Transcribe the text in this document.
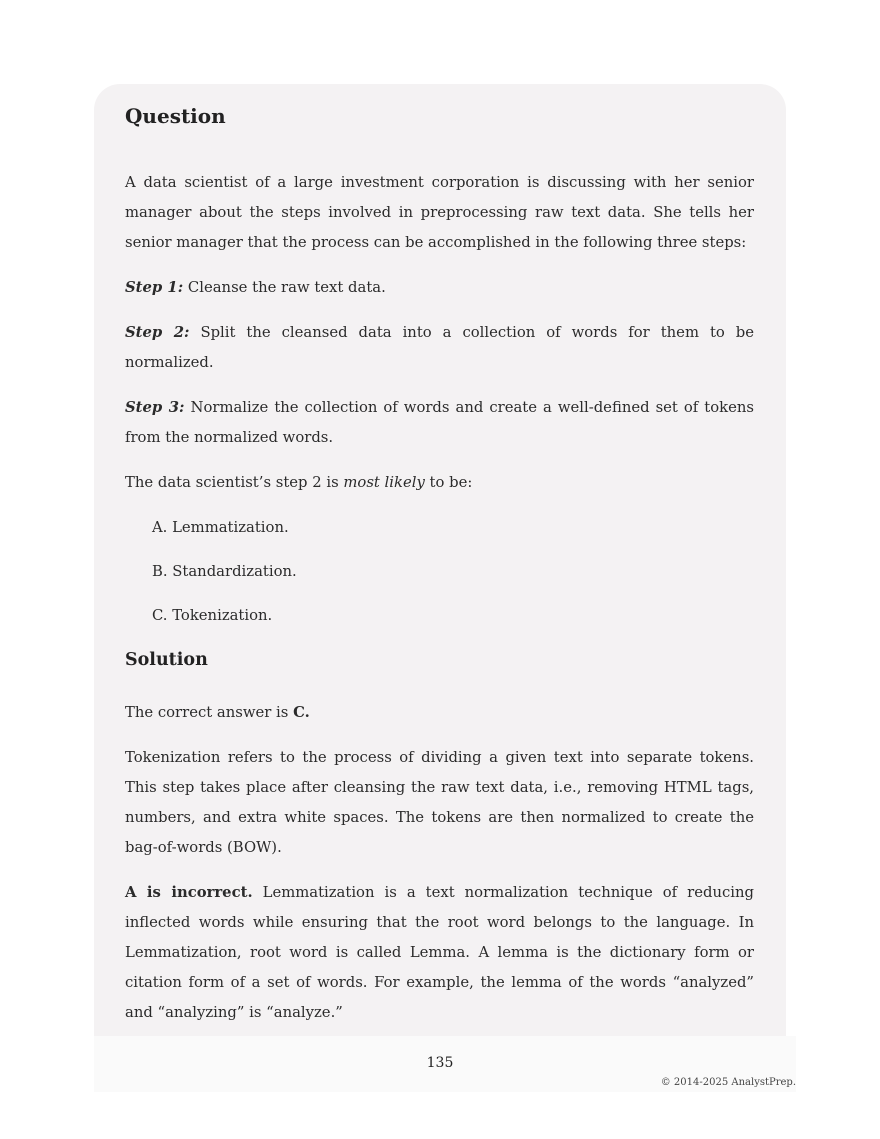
Question

A data scientist of a large investment corporation is discussing with her senior manager about the steps involved in preprocessing raw text data. She tells her senior manager that the process can be accomplished in the following three steps:

Step 1: Cleanse the raw text data.

Step 2: Split the cleansed data into a collection of words for them to be normalized.

Step 3: Normalize the collection of words and create a well-defined set of tokens from the normalized words.

The data scientist’s step 2 is most likely to be:

A. Lemmatization.

B. Standardization.

C. Tokenization.

Solution

The correct answer is C.

Tokenization refers to the process of dividing a given text into separate tokens. This step takes place after cleansing the raw text data, i.e., removing HTML tags, numbers, and extra white spaces. The tokens are then normalized to create the bag-of-words (BOW).

A is incorrect. Lemmatization is a text normalization technique of reducing inflected words while ensuring that the root word belongs to the language. In Lemmatization, root word is called Lemma. A lemma is the dictionary form or citation form of a set of words. For example, the lemma of the words “analyzed” and “analyzing” is “analyze.”

135
© 2014-2025 AnalystPrep.
